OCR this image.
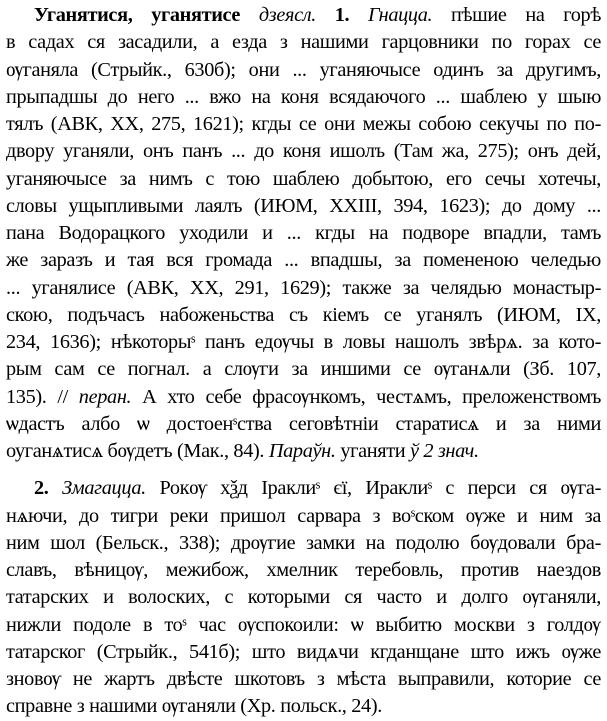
Уганятися, уганятисе дзеясл. 1. Гнаццa. пѣшие на горѣ
в садах ся засадили, а езда з нашими гарцовники по горах се
ѹганяла (Стрыйк., 630б); они ... уганяючысе одинъ за другимъ,
прыпадшы до него ... вжо на коня всядаючого ... шаблею у шыю
тялъ (АВК, XX, 275, 1621); кгды се они межы собою секучы по по-
двору уганяли, онъ панъ ... до коня ишолъ (Там жа, 275); онъ дей,
уганяючысе за нимъ с тою шаблею добытою, его сечы хотечы,
словы ущыпливыми лаялъ (ИЮМ, XXIII, 394, 1623); до дому ...
пана Водорацкого уходили и ... кгды на подворе впадли, тамъ
же заразъ и тая вся громада ... впадшы, за помененою челедью
... уганялисе (АВК, XX, 291, 1629); также за челядью монастыр-
скою, подъчасъ набоженьства съ кіемъ се уганялъ (ИЮМ, IX,
234, 1636); нѣкоторыˢ панъ едѹчы в ловы нашолъ звѣрѧ. за кото-
рым сам се погнал. а слѹги за иншими се ѹганѧли (Зб. 107,
135). // перан. А хто себе фрасѹнкомъ, честѧмъ, преложенствомъ
ѡдастъ албо ѡ достоенˢства сеговѣтніи старатисѧ и за ними
оуганѧтисѧ бѹдетъ (Мак., 84). Параўн. уганяти ў 2 знач.
2. Змагацца. Рокѹ хѯд Іраклиˢ єї, Ираклиˢ с перси ся ѹга-
нѧючи, до тигри реки пришол сарвара з воˢском ѹже и ним за
ним шол (Бельск., 338); дрѹгие замки на подолю бѹдовали бра-
славъ, вѣницѹ, межибож, хмелник теребовль, против наездов
татарских и волоских, с которыми ся часто и долго ѹганяли,
нижли подоле в тоˢ час ѹспокоили: ѡ выбитю москви з голдѹ
татарског (Стрыйк., 541б); што видѧчи кгданщане што ижъ ѹже
зновѹ не жартъ двѣсте шкотовъ з мѣста выправили, которие се
справне з нашими ѹганяли (Хр. польск., 24).
